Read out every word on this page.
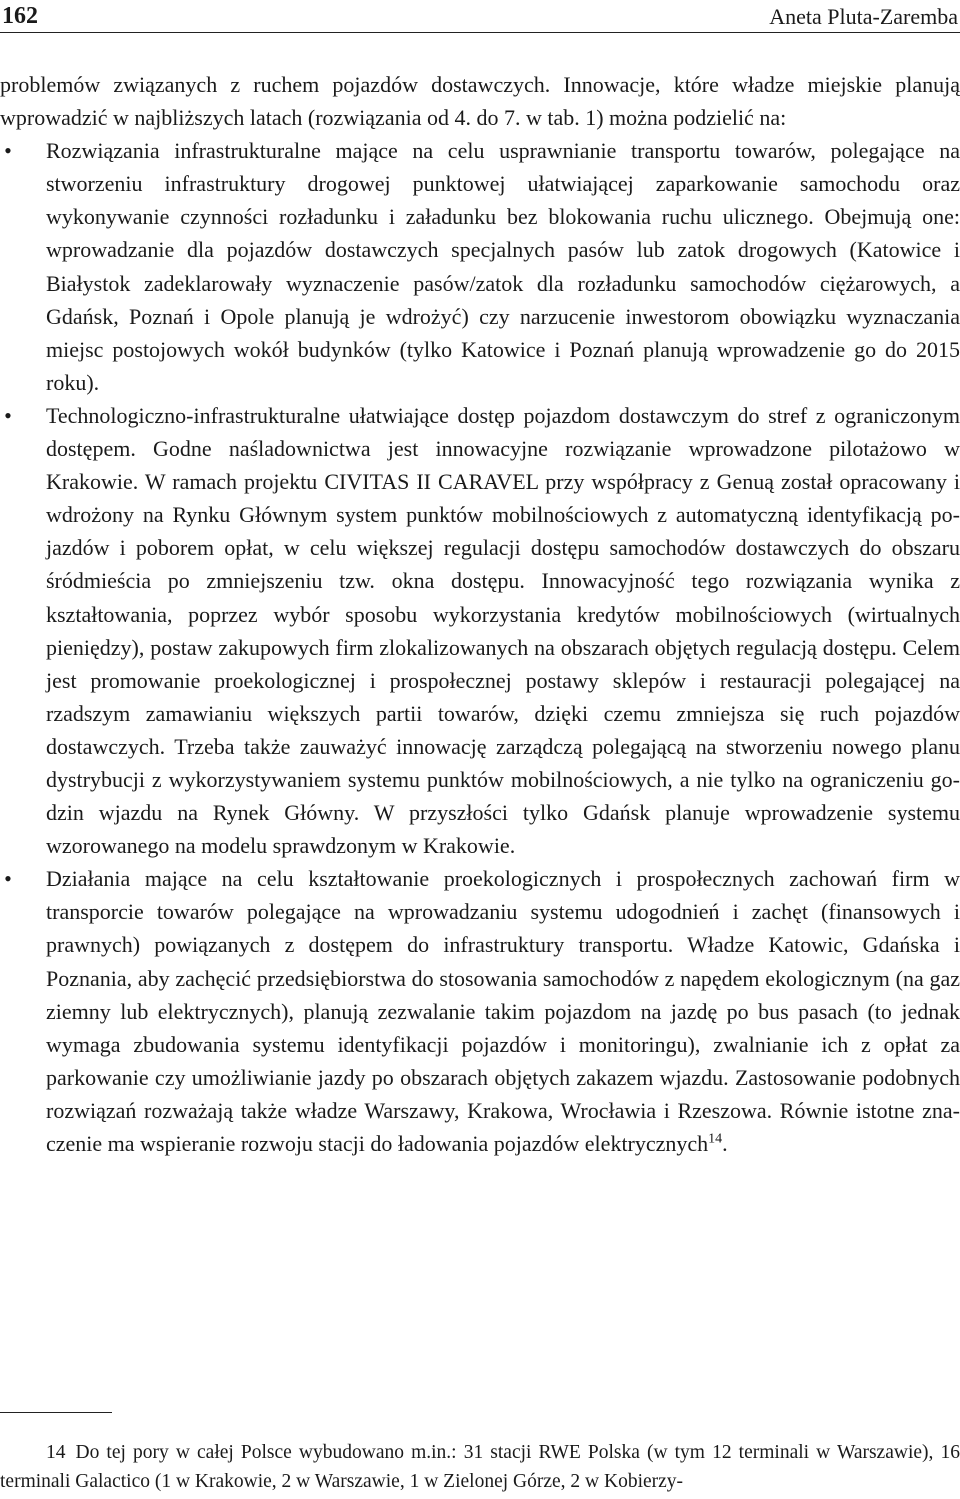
162	Aneta Pluta-Zaremba

problemów związanych z ruchem pojazdów dostawczych. Innowacje, które władze miejskie planują wprowadzić w najbliższych latach (rozwiązania od 4. do 7. w tab. 1) można podzielić na:

• Rozwiązania infrastrukturalne mające na celu usprawnianie transportu towarów, polegające na stworzeniu infrastruktury drogowej punktowej ułatwiającej zaparkowanie samochodu oraz wykonywanie czynności rozładunku i załadunku bez blokowania ruchu ulicznego. Obejmują one: wprowadzanie dla pojazdów dostawczych specjalnych pasów lub zatok drogowych (Katowice i Białystok zadeklarowały wyznaczenie pasów/zatok dla rozładunku samochodów ciężarowych, a Gdańsk, Poznań i Opole planują je wdrożyć) czy narzucenie inwestorom obowiązku wyznaczania miejsc postojowych wokół budynków (tylko Katowice i Poznań planują wprowadzenie go do 2015 roku).
• Technologiczno-infrastrukturalne ułatwiające dostęp pojazdom dostawczym do stref z ograniczonym dostępem. Godne naśladownictwa jest innowacyjne rozwiązanie wprowadzone pilotażowo w Krakowie. W ramach projektu CIVITAS II CARAVEL przy współpracy z Genuą został opracowany i wdrożony na Rynku Głównym system punktów mobilnościowych z automatyczną identyfikacją pojazdów i poborem opłat, w celu większej regulacji dostępu samochodów dostawczych do obszaru śródmieścia po zmniejszeniu tzw. okna dostępu. Innowacyjność tego rozwiązania wynika z kształtowania, poprzez wybór sposobu wykorzystania kredytów mobilnościowych (wirtualnych pieniędzy), postaw zakupowych firm zlokalizowanych na obszarach objętych regulacją dostępu. Celem jest promowanie proekologicznej i prospołecznej postawy sklepów i restauracji polegającej na rzadszym zamawianiu większych partii towarów, dzięki czemu zmniejsza się ruch pojazdów dostawczych. Trzeba także zauważyć innowację zarządczą polegającą na stworzeniu nowego planu dystrybucji z wykorzystywaniem systemu punktów mobilnościowych, a nie tylko na ograniczeniu godzin wjazdu na Rynek Główny. W przyszłości tylko Gdańsk planuje wprowadzenie systemu wzorowanego na modelu sprawdzonym w Krakowie.
• Działania mające na celu kształtowanie proekologicznych i prospołecznych zachowań firm w transporcie towarów polegające na wprowadzaniu systemu udogodnień i zachęt (finansowych i prawnych) powiązanych z dostępem do infrastruktury transportu. Władze Katowic, Gdańska i Poznania, aby zachęcić przedsiębiorstwa do stosowania samochodów z napędem ekologicznym (na gaz ziemny lub elektrycznych), planują zezwalanie takim pojazdom na jazdę po bus pasach (to jednak wymaga zbudowania systemu identyfikacji pojazdów i monitoringu), zwalnianie ich z opłat za parkowanie czy umożliwianie jazdy po obszarach objętych zakazem wjazdu. Zastosowanie podobnych rozwiązań rozważają także władze Warszawy, Krakowa, Wrocławia i Rzeszowa. Równie istotne znaczenie ma wspieranie rozwoju stacji do ładowania pojazdów elektrycznych$^{14}$.
14 Do tej pory w całej Polsce wybudowano m.in.: 31 stacji RWE Polska (w tym 12 terminali w Warszawie), 16 terminali Galactico (1 w Krakowie, 2 w Warszawie, 1 w Zielonej Górze, 2 w Kobierzy-
